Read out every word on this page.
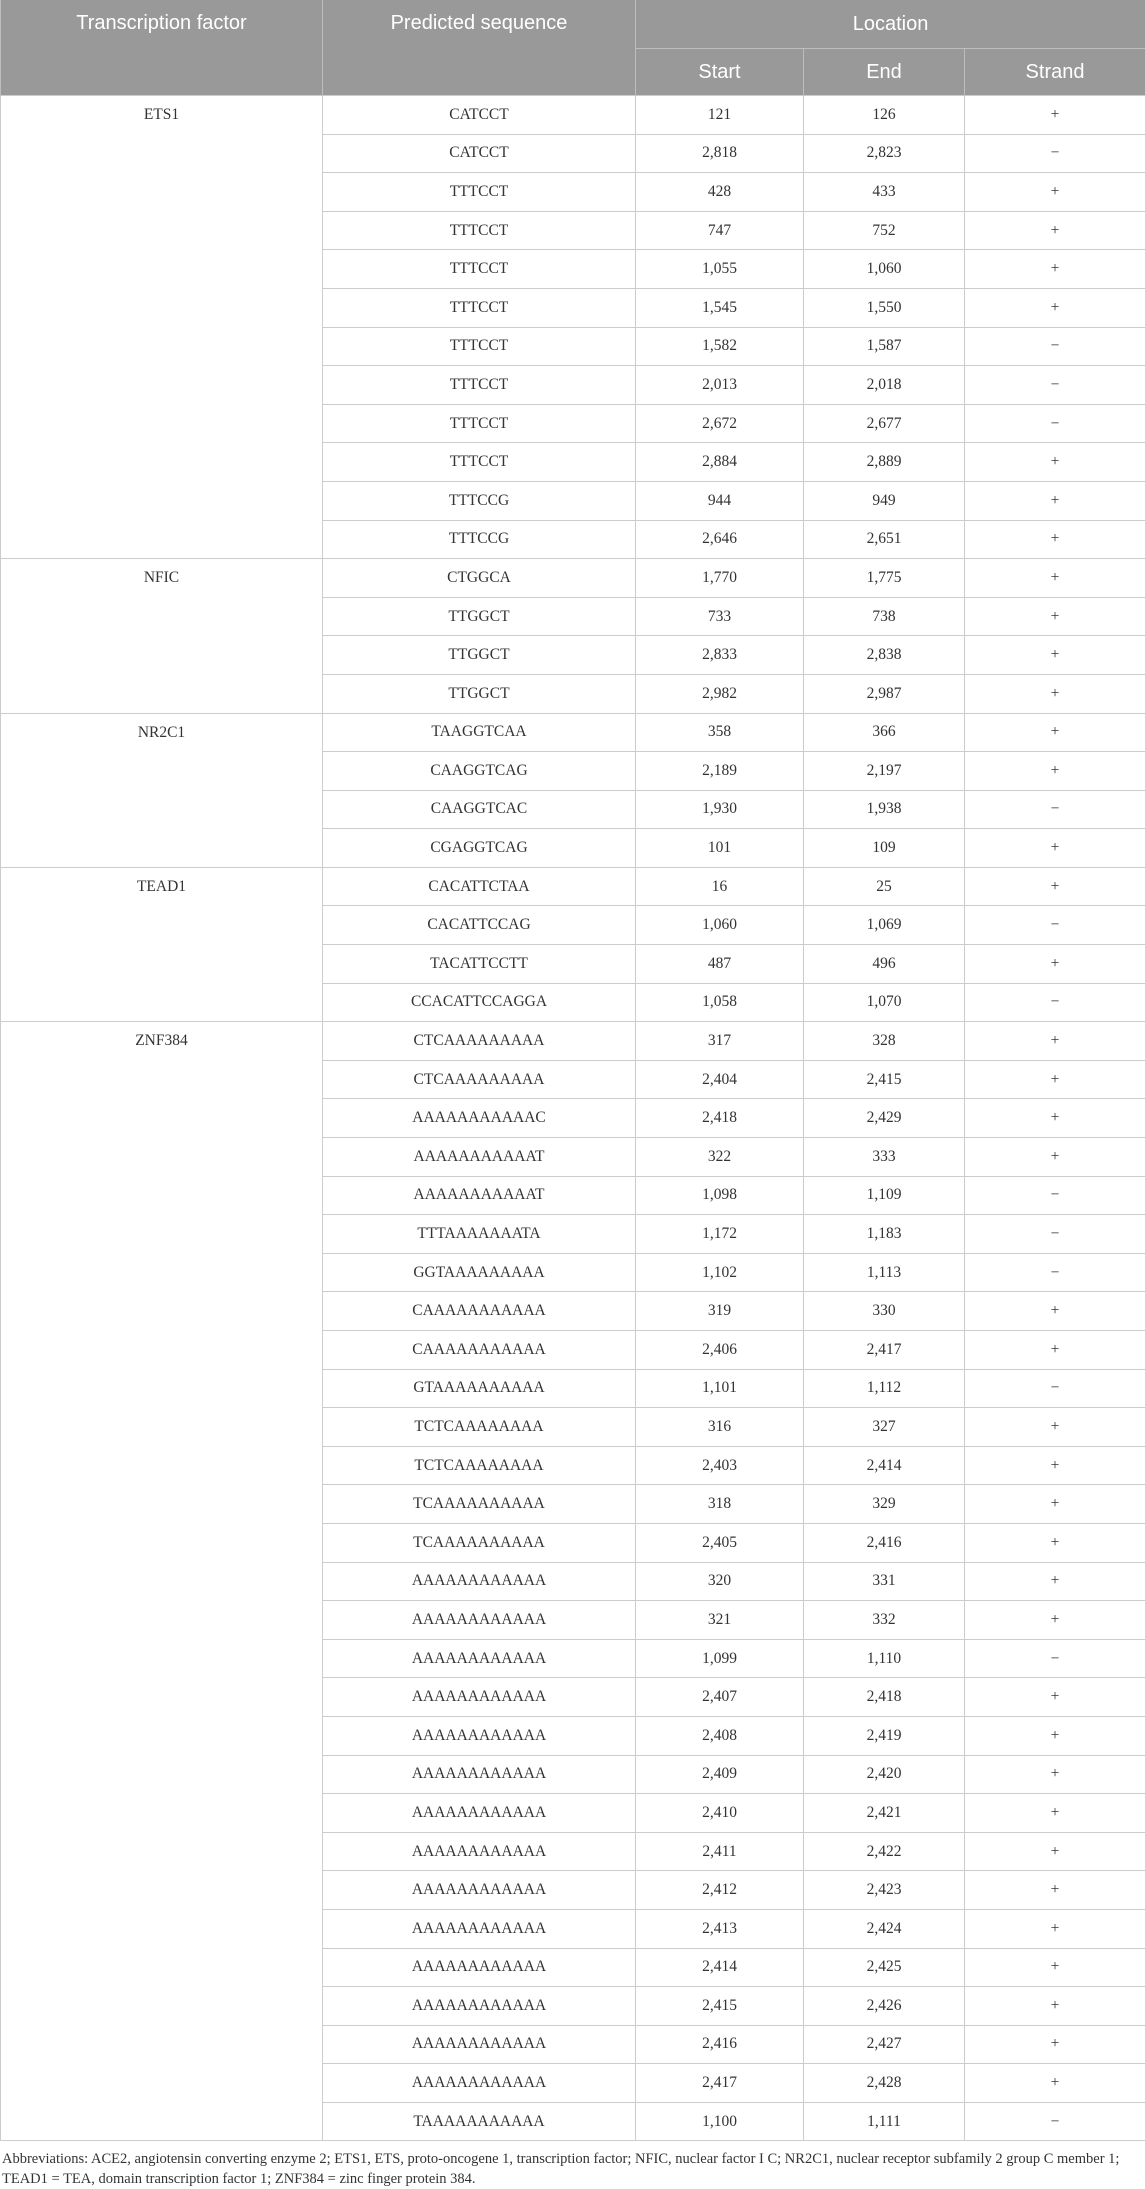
Transcription factor	Predicted sequence	Location		
		Start	End	Strand
ETS1	CATCCT	121	126	+
	CATCCT	2,818	2,823	−
	TTTCCT	428	433	+
	TTTCCT	747	752	+
	TTTCCT	1,055	1,060	+
	TTTCCT	1,545	1,550	+
	TTTCCT	1,582	1,587	−
	TTTCCT	2,013	2,018	−
	TTTCCT	2,672	2,677	−
	TTTCCT	2,884	2,889	+
	TTTCCG	944	949	+
	TTTCCG	2,646	2,651	+
NFIC	CTGGCA	1,770	1,775	+
	TTGGCT	733	738	+
	TTGGCT	2,833	2,838	+
	TTGGCT	2,982	2,987	+
NR2C1	TAAGGTCAA	358	366	+
	CAAGGTCAG	2,189	2,197	+
	CAAGGTCAC	1,930	1,938	−
	CGAGGTCAG	101	109	+
TEAD1	CACATTCTAA	16	25	+
	CACATTCCAG	1,060	1,069	−
	TACATTCCTT	487	496	+
	CCACATTCCAGGA	1,058	1,070	−
ZNF384	CTCAAAAAAAAA	317	328	+
	CTCAAAAAAAAA	2,404	2,415	+
	AAAAAAAAAAAC	2,418	2,429	+
	AAAAAAAAAAAT	322	333	+
	AAAAAAAAAAAT	1,098	1,109	−
	TTTAAAAAAATA	1,172	1,183	−
	GGTAAAAAAAAA	1,102	1,113	−
	CAAAAAAAAAAA	319	330	+
	CAAAAAAAAAAA	2,406	2,417	+
	GTAAAAAAAAAA	1,101	1,112	−
	TCTCAAAAAAAA	316	327	+
	TCTCAAAAAAAA	2,403	2,414	+
	TCAAAAAAAAAA	318	329	+
	TCAAAAAAAAAA	2,405	2,416	+
	AAAAAAAAAAAA	320	331	+
	AAAAAAAAAAAA	321	332	+
	AAAAAAAAAAAA	1,099	1,110	−
	AAAAAAAAAAAA	2,407	2,418	+
	AAAAAAAAAAAA	2,408	2,419	+
	AAAAAAAAAAAA	2,409	2,420	+
	AAAAAAAAAAAA	2,410	2,421	+
	AAAAAAAAAAAA	2,411	2,422	+
	AAAAAAAAAAAA	2,412	2,423	+
	AAAAAAAAAAAA	2,413	2,424	+
	AAAAAAAAAAAA	2,414	2,425	+
	AAAAAAAAAAAA	2,415	2,426	+
	AAAAAAAAAAAA	2,416	2,427	+
	AAAAAAAAAAAA	2,417	2,428	+
	TAAAAAAAAAAA	1,100	1,111	−
Abbreviations: ACE2, angiotensin converting enzyme 2; ETS1, ETS, proto-oncogene 1, transcription factor; NFIC, nuclear factor I C; NR2C1, nuclear receptor subfamily 2 group C member 1; TEAD1 = TEA, domain transcription factor 1; ZNF384 = zinc finger protein 384.
